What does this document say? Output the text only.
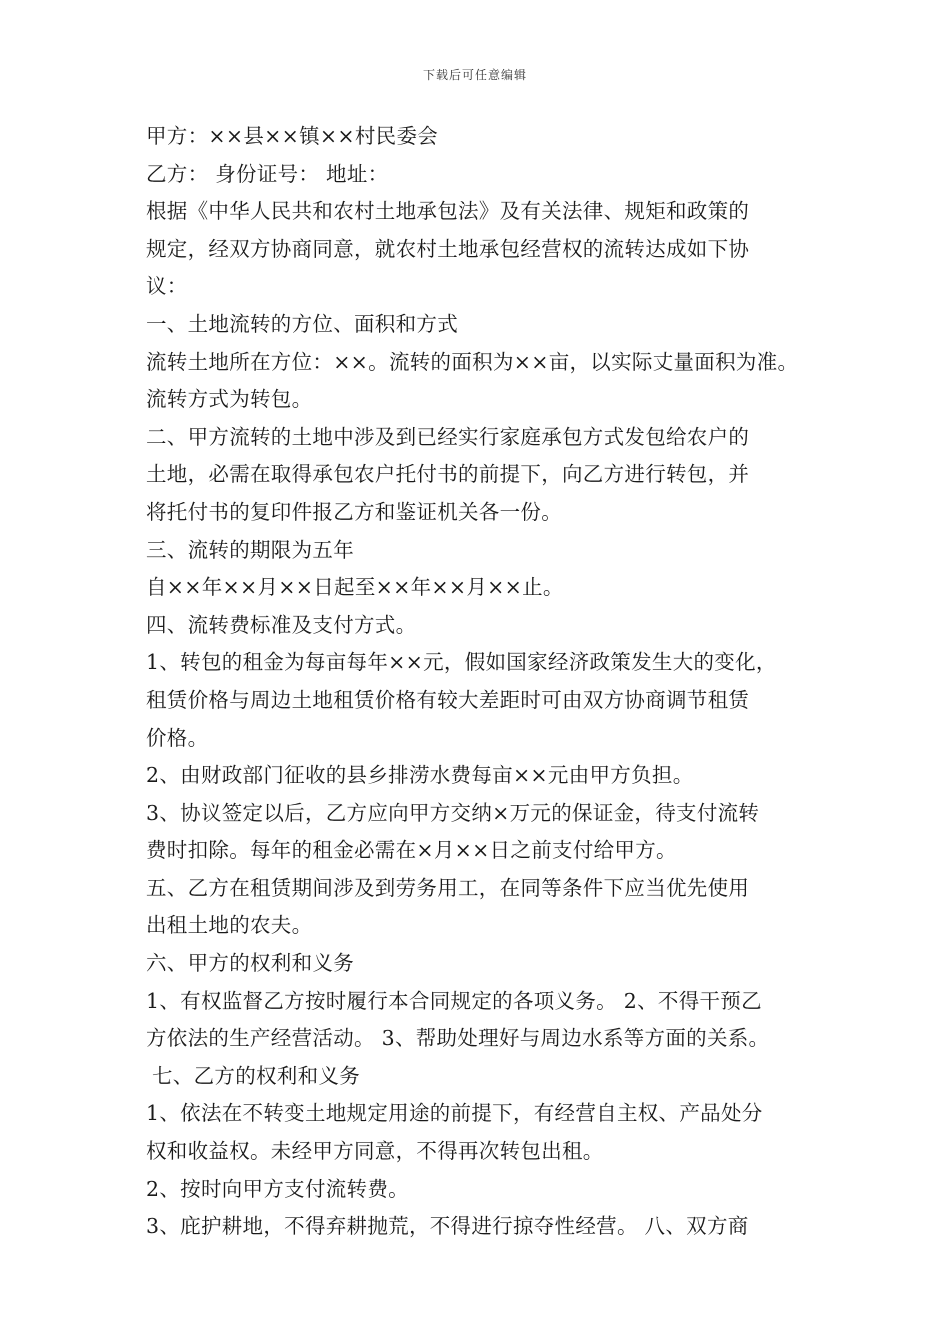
下载后可任意编辑
甲方：××县××镇××村民委会
乙方： 身份证号： 地址：
根据《中华人民共和农村土地承包法》及有关法律、规矩和政策的
规定，经双方协商同意，就农村土地承包经营权的流转达成如下协
议：
一、土地流转的方位、面积和方式
流转土地所在方位：××。流转的面积为××亩，以实际丈量面积为准。
流转方式为转包。
二、甲方流转的土地中涉及到已经实行家庭承包方式发包给农户的
土地，必需在取得承包农户托付书的前提下，向乙方进行转包，并
将托付书的复印件报乙方和鉴证机关各一份。
三、流转的期限为五年
自××年××月××日起至××年××月××止。
四、流转费标准及支付方式。
1、转包的租金为每亩每年××元，假如国家经济政策发生大的变化，
租赁价格与周边土地租赁价格有较大差距时可由双方协商调节租赁
价格。
2、由财政部门征收的县乡排涝水费每亩××元由甲方负担。
3、协议签定以后，乙方应向甲方交纳×万元的保证金，待支付流转
费时扣除。每年的租金必需在×月××日之前支付给甲方。
五、乙方在租赁期间涉及到劳务用工，在同等条件下应当优先使用
出租土地的农夫。
六、甲方的权利和义务
1、有权监督乙方按时履行本合同规定的各项义务。 2、不得干预乙
方依法的生产经营活动。 3、帮助处理好与周边水系等方面的关系。
七、乙方的权利和义务
1、依法在不转变土地规定用途的前提下，有经营自主权、产品处分
权和收益权。未经甲方同意，不得再次转包出租。
2、按时向甲方支付流转费。
3、庇护耕地，不得弃耕抛荒，不得进行掠夺性经营。 八、双方商
